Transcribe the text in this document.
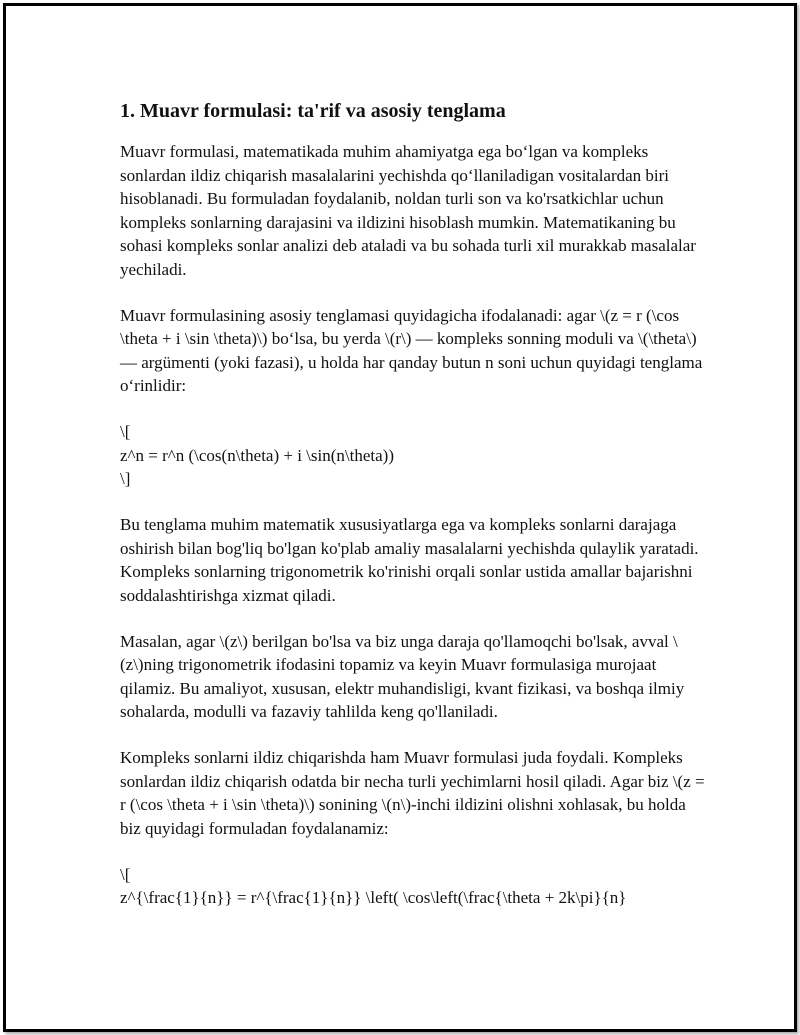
1. Muavr formulasi: ta'rif va asosiy tenglama

Muavr formulasi, matematikada muhim ahamiyatga ega bo‘lgan va kompleks sonlardan ildiz chiqarish masalalarini yechishda qo‘llaniladigan vositalardan biri hisoblanadi. Bu formuladan foydalanib, noldan turli son va ko'rsatkichlar uchun kompleks sonlarning darajasini va ildizini hisoblash mumkin. Matematikaning bu sohasi kompleks sonlar analizi deb ataladi va bu sohada turli xil murakkab masalalar yechiladi.

Muavr formulasining asosiy tenglamasi quyidagicha ifodalanadi: agar \(z = r (\cos \theta + i \sin \theta)\) bo‘lsa, bu yerda \(r\) — kompleks sonning moduli va \(\theta\) — argümenti (yoki fazasi), u holda har qanday butun n soni uchun quyidagi tenglama o‘rinlidir:

\[
z^n = r^n (\cos(n\theta) + i \sin(n\theta))
\]

Bu tenglama muhim matematik xususiyatlarga ega va kompleks sonlarni darajaga oshirish bilan bog'liq bo'lgan ko'plab amaliy masalalarni yechishda qulaylik yaratadi. Kompleks sonlarning trigonometrik ko'rinishi orqali sonlar ustida amallar bajarishni soddalashtirishga xizmat qiladi.

Masalan, agar \(z\) berilgan bo'lsa va biz unga daraja qo'llamoqchi bo'lsak, avval \(z\)ning trigonometrik ifodasini topamiz va keyin Muavr formulasiga murojaat qilamiz. Bu amaliyot, xususan, elektr muhandisligi, kvant fizikasi, va boshqa ilmiy sohalarda, modulli va fazaviy tahlilda keng qo'llaniladi.

Kompleks sonlarni ildiz chiqarishda ham Muavr formulasi juda foydali. Kompleks sonlardan ildiz chiqarish odatda bir necha turli yechimlarni hosil qiladi. Agar biz \(z = r (\cos \theta + i \sin \theta)\) sonining \(n\)-inchi ildizini olishni xohlasak, bu holda biz quyidagi formuladan foydalanamiz:

\[
z^{\frac{1}{n}} = r^{\frac{1}{n}} \left( \cos\left(\frac{\theta + 2k\pi}{n}
